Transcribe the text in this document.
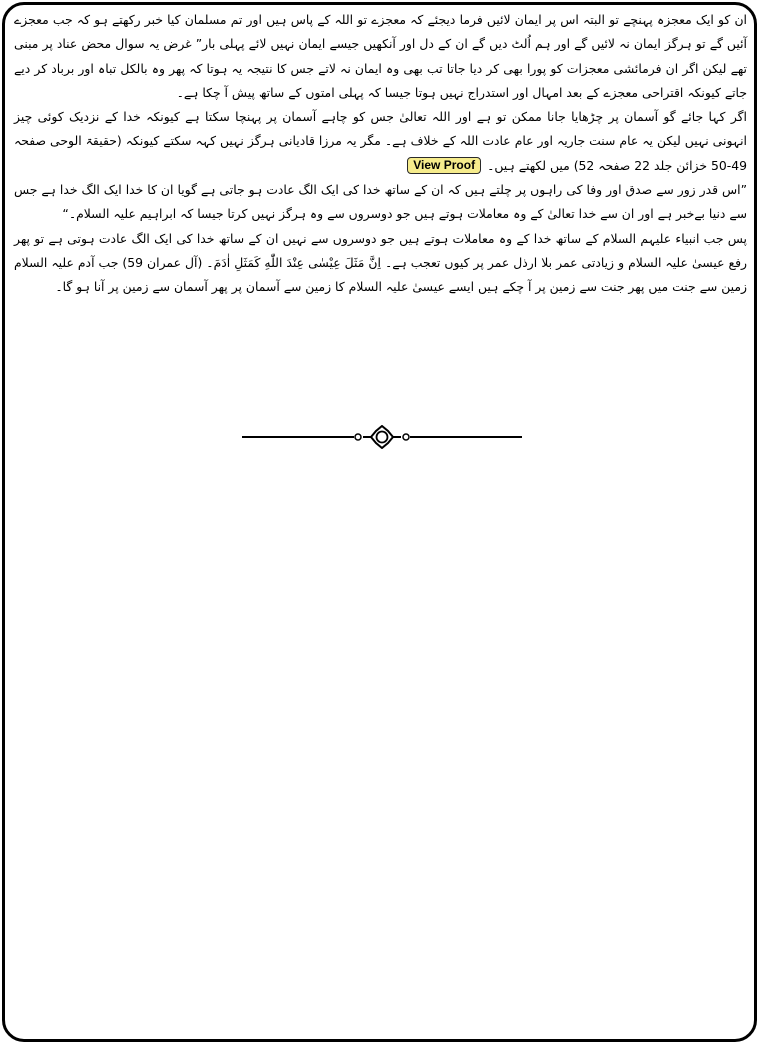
ان کو ایک معجزہ پہنچے تو البتہ اس پر ایمان لائیں فرما دیجئے کہ معجزے تو اللہ کے پاس ہیں اور تم مسلمان کیا خبر رکھتے ہو کہ جب معجزے آئیں گے تو ہرگز ایمان نہ لائیں گے اور ہم اُلٹ دیں گے ان کے دل اور آنکھیں جیسے ایمان نہیں لائے پہلی بار” غرض یہ سوال محض عناد پر مبنی تھے لیکن اگر ان فرمائشی معجزات کو پورا بھی کر دیا جاتا تب بھی وہ ایمان نہ لاتے جس کا نتیجہ یہ ہوتا کہ پھر وہ بالکل تباہ اور برباد کر دیے جاتے کیونکہ اقتراحی معجزے کے بعد امہال اور استدراج نہیں ہوتا جیسا کہ پہلی امتوں کے ساتھ پیش آ چکا ہے۔

اگر کہا جائے گو آسمان پر چڑھایا جانا ممکن تو ہے اور اللہ تعالیٰ جس کو چاہے آسمان پر پہنچا سکتا ہے کیونکہ خدا کے نزدیک کوئی چیز انہونی نہیں لیکن یہ عام سنت جاریہ اور عام عادت اللہ کے خلاف ہے۔ مگر یہ مرزا قادیانی ہرگز نہیں کہہ سکتے کیونکہ (حقیقۃ الوحی صفحہ 49-50 خزائن جلد 22 صفحہ 52) میں لکھتے ہیں۔View Proof

”اس قدر زور سے صدق اور وفا کی راہوں پر چلتے ہیں کہ ان کے ساتھ خدا کی ایک الگ عادت ہو جاتی ہے گویا ان کا خدا ایک الگ خدا ہے جس سے دنیا بےخبر ہے اور ان سے خدا تعالیٰ کے وہ معاملات ہوتے ہیں جو دوسروں سے وہ ہرگز نہیں کرتا جیسا کہ ابراہیم علیہ السلام۔“

پس جب انبیاء علیہم السلام کے ساتھ خدا کے وہ معاملات ہوتے ہیں جو دوسروں سے نہیں ان کے ساتھ خدا کی ایک الگ عادت ہوتی ہے تو پھر رفع عیسیٰ علیہ السلام و زیادتی عمر بلا ارذل عمر پر کیوں تعجب ہے۔ اِنَّ مَثَلَ عِیْسٰی عِنْدَ اللّٰهِ کَمَثَلِ اٰدَمَ۔ (آل عمران 59) جب آدم علیہ السلام زمین سے جنت میں پھر جنت سے زمین پر آ چکے ہیں ایسے عیسیٰ علیہ السلام کا زمین سے آسمان پر پھر آسمان سے زمین پر آنا ہو گا۔
